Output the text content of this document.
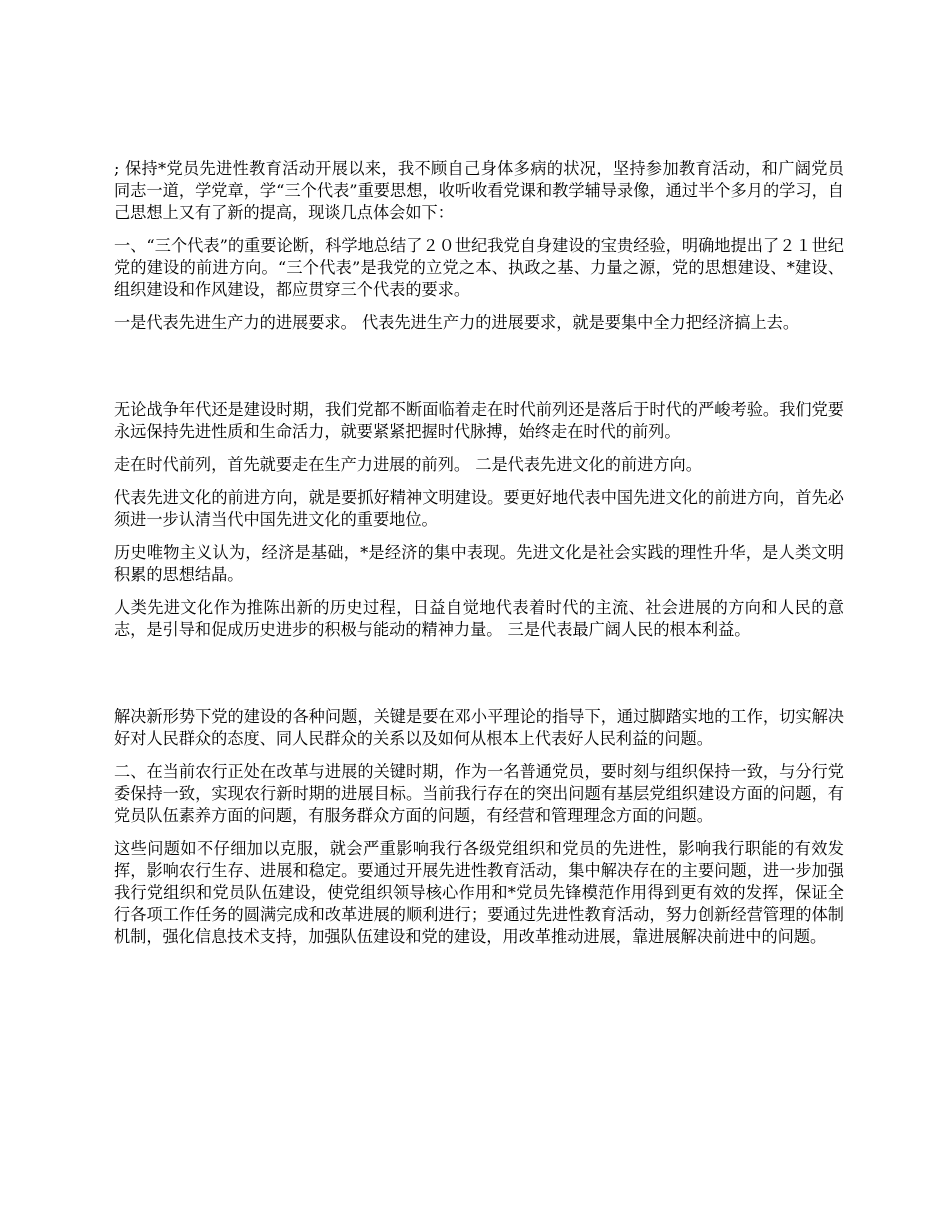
; 保持*党员先进性教育活动开展以来，我不顾自己身体多病的状况，坚持参加教育活动，和广阔党员同志一道，学党章，学“三个代表”重要思想，收听收看党课和教学辅导录像，通过半个多月的学习，自己思想上又有了新的提高，现谈几点体会如下：

一、“三个代表”的重要论断，科学地总结了２０世纪我党自身建设的宝贵经验，明确地提出了２１世纪党的建设的前进方向。“三个代表”是我党的立党之本、执政之基、力量之源，党的思想建设、*建设、组织建设和作风建设，都应贯穿三个代表的要求。

一是代表先进生产力的进展要求。 代表先进生产力的进展要求，就是要集中全力把经济搞上去。

无论战争年代还是建设时期，我们党都不断面临着走在时代前列还是落后于时代的严峻考验。我们党要永远保持先进性质和生命活力，就要紧紧把握时代脉搏，始终走在时代的前列。

走在时代前列，首先就要走在生产力进展的前列。 二是代表先进文化的前进方向。

代表先进文化的前进方向，就是要抓好精神文明建设。要更好地代表中国先进文化的前进方向，首先必须进一步认清当代中国先进文化的重要地位。

历史唯物主义认为，经济是基础，*是经济的集中表现。先进文化是社会实践的理性升华，是人类文明积累的思想结晶。

人类先进文化作为推陈出新的历史过程，日益自觉地代表着时代的主流、社会进展的方向和人民的意志，是引导和促成历史进步的积极与能动的精神力量。 三是代表最广阔人民的根本利益。

解决新形势下党的建设的各种问题，关键是要在邓小平理论的指导下，通过脚踏实地的工作，切实解决好对人民群众的态度、同人民群众的关系以及如何从根本上代表好人民利益的问题。

二、在当前农行正处在改革与进展的关键时期，作为一名普通党员，要时刻与组织保持一致，与分行党委保持一致，实现农行新时期的进展目标。当前我行存在的突出问题有基层党组织建设方面的问题，有党员队伍素养方面的问题，有服务群众方面的问题，有经营和管理理念方面的问题。

这些问题如不仔细加以克服，就会严重影响我行各级党组织和党员的先进性，影响我行职能的有效发挥，影响农行生存、进展和稳定。要通过开展先进性教育活动，集中解决存在的主要问题，进一步加强我行党组织和党员队伍建设，使党组织领导核心作用和*党员先锋模范作用得到更有效的发挥，保证全行各项工作任务的圆满完成和改革进展的顺利进行；要通过先进性教育活动，努力创新经营管理的体制机制，强化信息技术支持，加强队伍建设和党的建设，用改革推动进展，靠进展解决前进中的问题。
